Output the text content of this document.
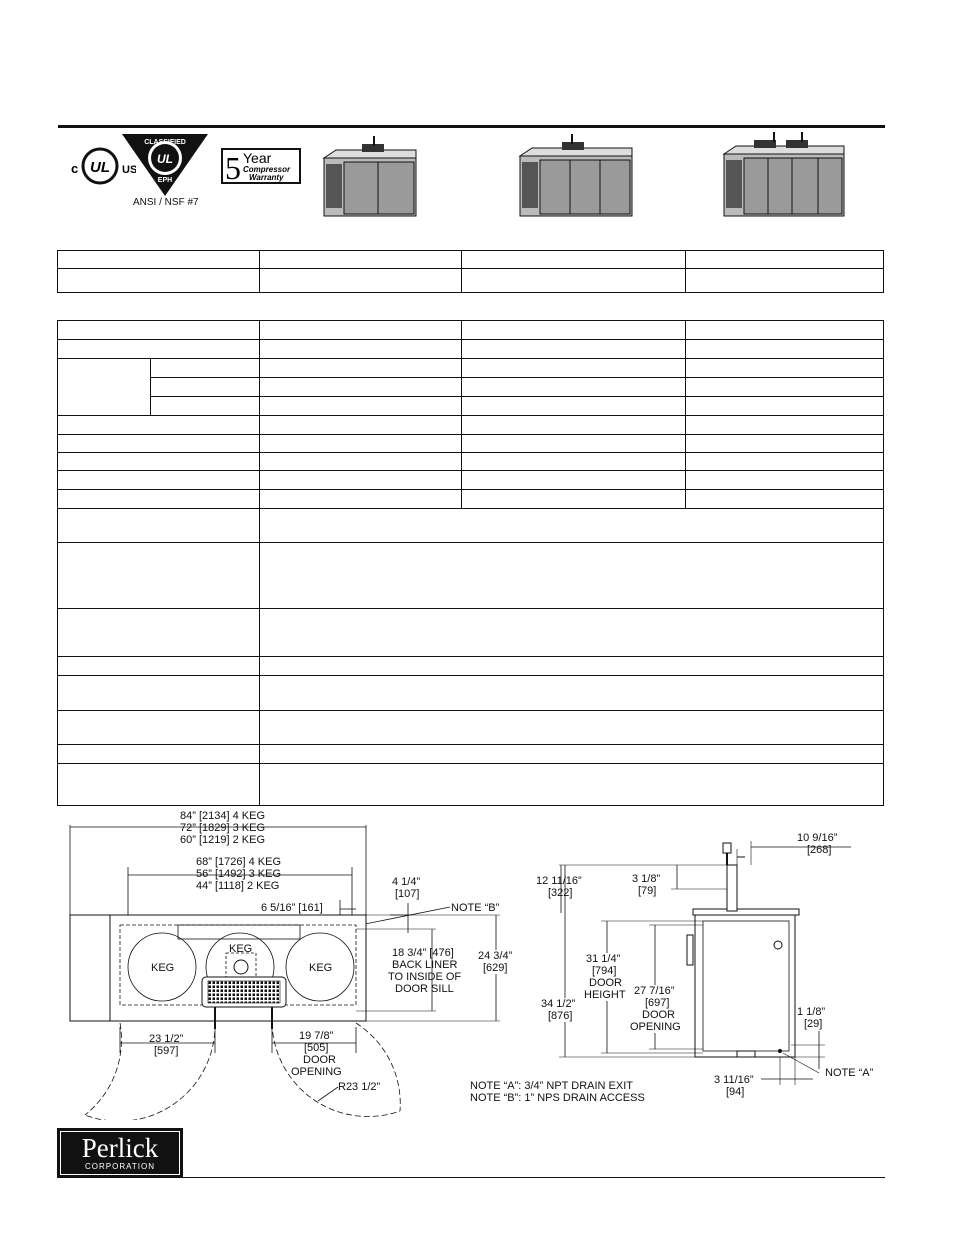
c UL US
CLASSIFIED
UL
EPH
ANSI / NSF #7
5 Year
Compressor
Warranty

84” [2134] 4 KEG
72” [1829] 3 KEG
60” [1219] 2 KEG
68” [1726] 4 KEG
56” [1492] 3 KEG
44” [1118] 2 KEG
6 5/16” [161]
4 1/4”
[107]
NOTE “B”
18 3/4” [476]
BACK LINER
TO INSIDE OF
DOOR SILL
24 3/4”
[629]
KEG
KEG
KEG
23 1/2”
[597]
19 7/8”
[505]
DOOR
OPENING
R23 1/2”
10 9/16”
[268]
12 11/16”
[322]
3 1/8”
[79]
31 1/4”
[794]
DOOR
HEIGHT
34 1/2”
[876]
27 7/16”
[697]
DOOR
OPENING
1 1/8”
[29]
NOTE “A”
3 11/16”
[94]
NOTE “A”: 3/4” NPT DRAIN EXIT
NOTE “B”: 1” NPS DRAIN ACCESS
Perlick
CORPORATION
